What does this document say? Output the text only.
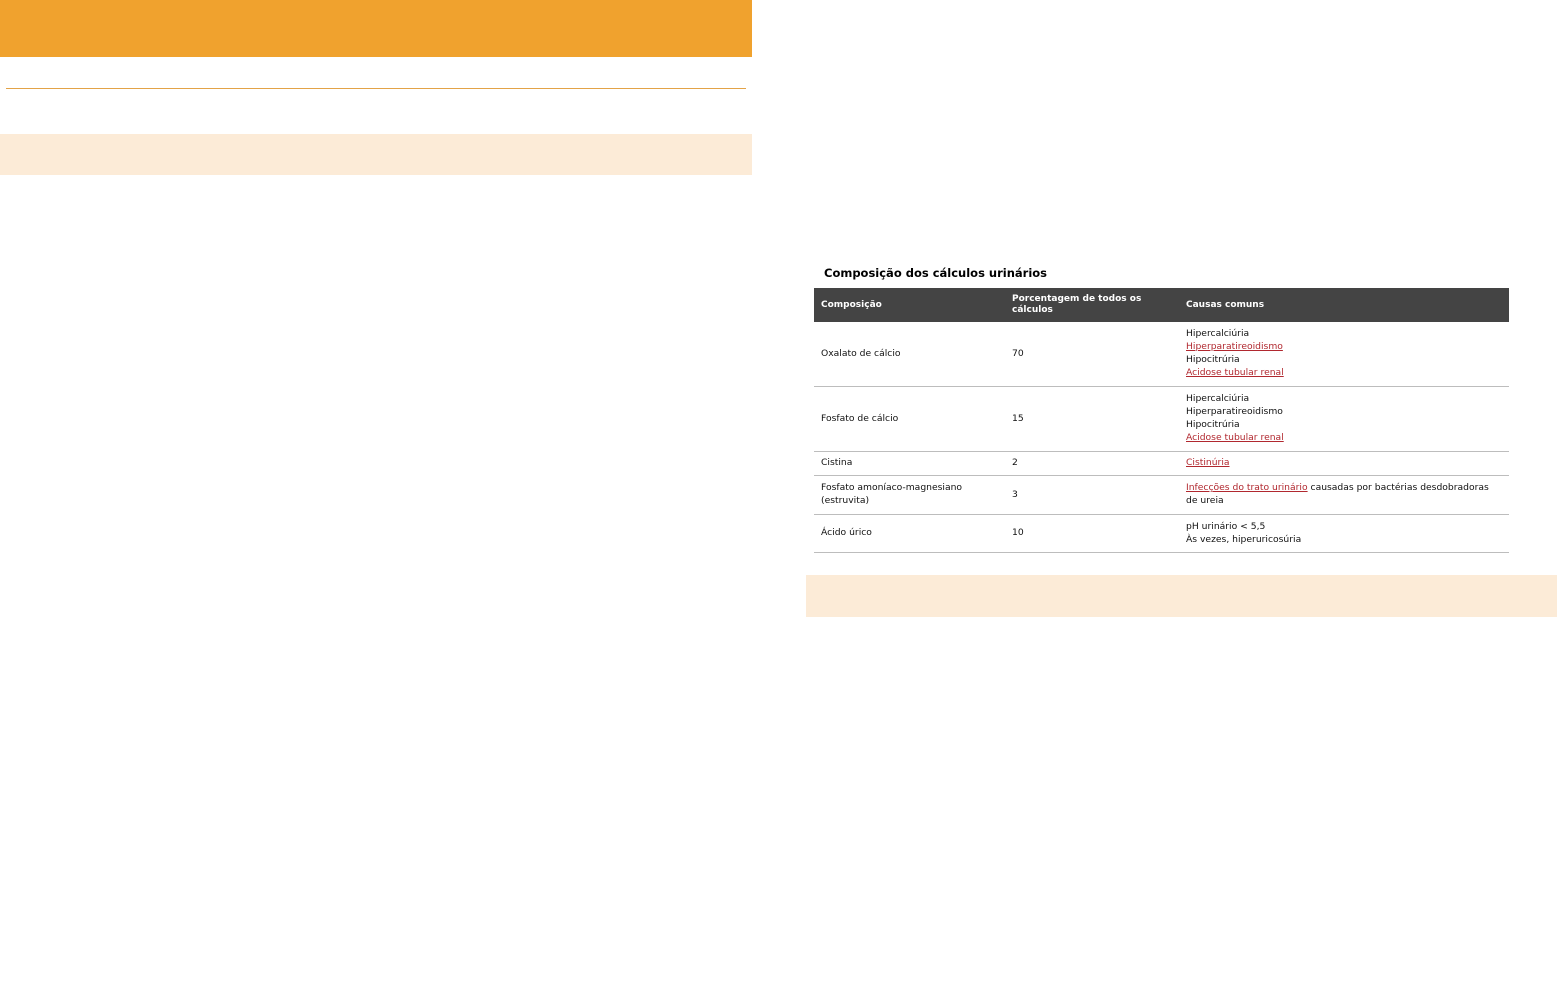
Composição dos cálculos urinários
Composição	Porcentagem de todos os cálculos	Causas comuns
Oxalato de cálcio	70	Hipercalciúria
Hiperparatireoidismo
Hipocitrúria
Acidose tubular renal

Fosfato de cálcio	15	Hipercalciúria
Hiperparatireoidismo
Hipocitrúria
Acidose tubular renal

Cistina	2	Cistinúria

Fosfato amoníaco-magnesiano (estruvita)	3	Infecções do trato urinário causadas por bactérias desdobradoras de ureia
Ácido úrico	10	pH urinário < 5,5
Às vezes, hiperuricosúria
